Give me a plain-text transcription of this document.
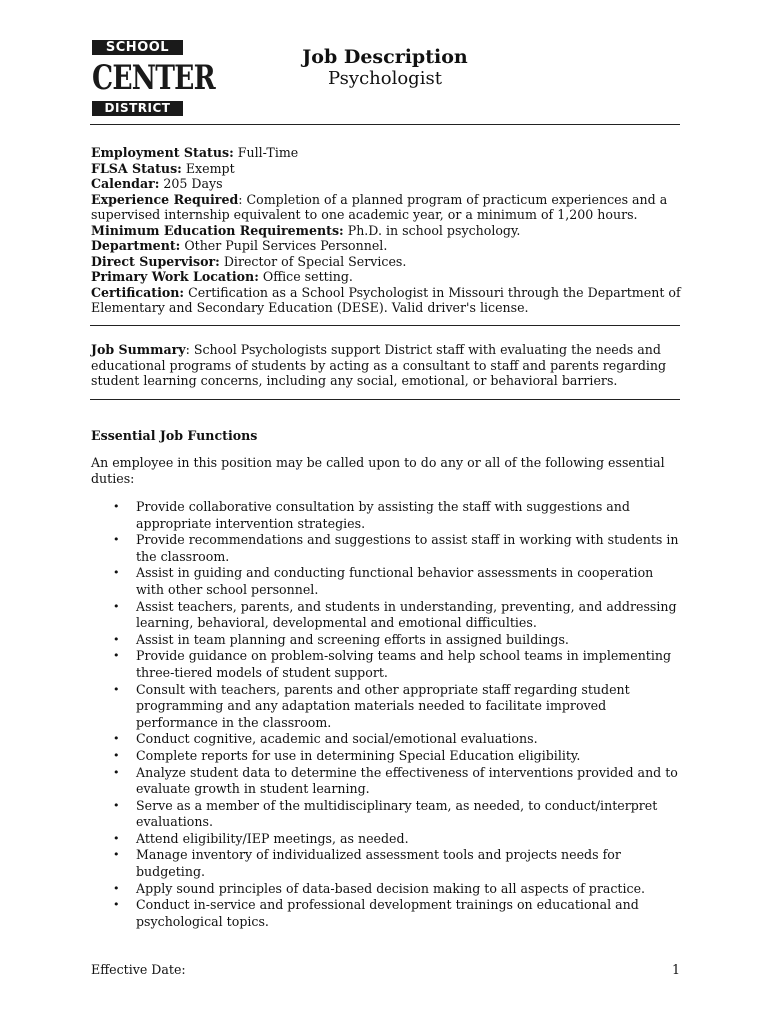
SCHOOL
CENTER
DISTRICT
Job Description
Psychologist

Employment Status: Full-Time

FLSA Status: Exempt

Calendar: 205 Days

Experience Required: Completion of a planned program of practicum experiences and a supervised internship equivalent to one academic year, or a minimum of 1,200 hours.

Minimum Education Requirements: Ph.D. in school psychology.

Department: Other Pupil Services Personnel.

Direct Supervisor: Director of Special Services.

Primary Work Location: Office setting.

Certification: Certification as a School Psychologist in Missouri through the Department of Elementary and Secondary Education (DESE). Valid driver's license.

Job Summary: School Psychologists support District staff with evaluating the needs and educational programs of students by acting as a consultant to staff and parents regarding student learning concerns, including any social, emotional, or behavioral barriers.

Essential Job Functions

An employee in this position may be called upon to do any or all of the following essential duties:

• Provide collaborative consultation by assisting the staff with suggestions and appropriate intervention strategies.
• Provide recommendations and suggestions to assist staff in working with students in the classroom.
• Assist in guiding and conducting functional behavior assessments in cooperation with other school personnel.
• Assist teachers, parents, and students in understanding, preventing, and addressing learning, behavioral, developmental and emotional difficulties.
• Assist in team planning and screening efforts in assigned buildings.
• Provide guidance on problem-solving teams and help school teams in implementing three-tiered models of student support.
• Consult with teachers, parents and other appropriate staff regarding student programming and any adaptation materials needed to facilitate improved performance in the classroom.
• Conduct cognitive, academic and social/emotional evaluations.
• Complete reports for use in determining Special Education eligibility.
• Analyze student data to determine the effectiveness of interventions provided and to evaluate growth in student learning.
• Serve as a member of the multidisciplinary team, as needed, to conduct/interpret evaluations.
• Attend eligibility/IEP meetings, as needed.
• Manage inventory of individualized assessment tools and projects needs for budgeting.
• Apply sound principles of data-based decision making to all aspects of practice.
• Conduct in-service and professional development trainings on educational and psychological topics.
Effective Date:	1
